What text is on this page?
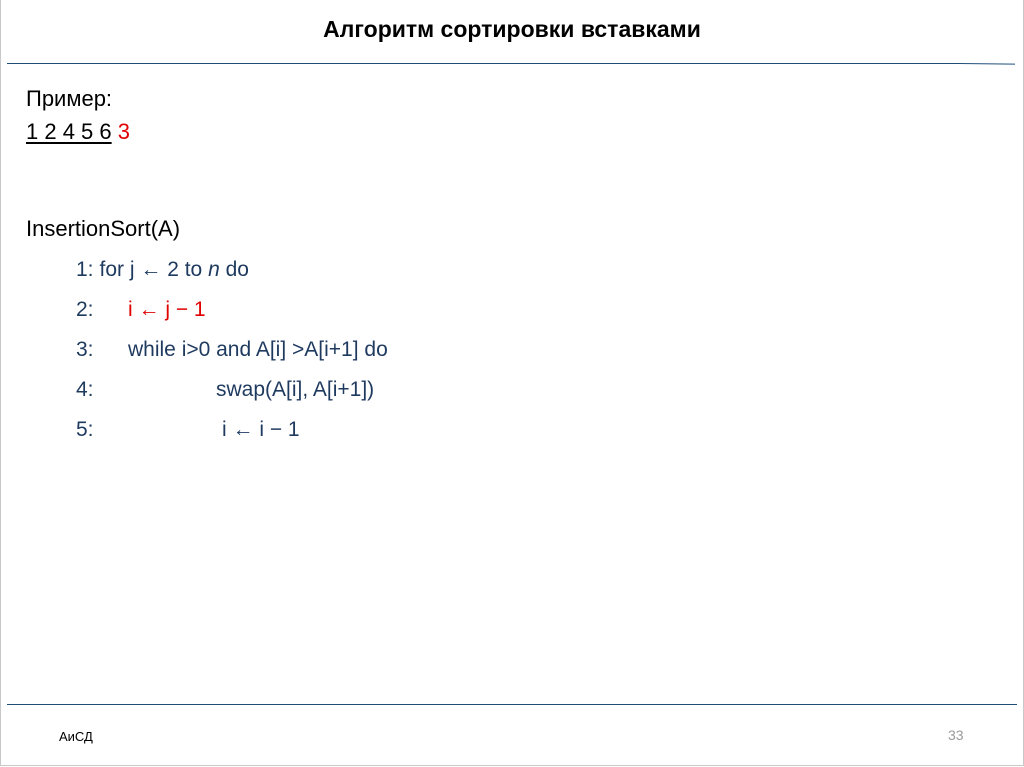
Алгоритм сортировки вставками
Пример:
1 2 4 5 6 3
InsertionSort(A)
1: for j ← 2 to n do
2: i ← j − 1
3: while i>0 and A[i] >A[i+1] do
4:	swap(A[i], A[i+1])
5:	i ← i − 1
АиСД	33
